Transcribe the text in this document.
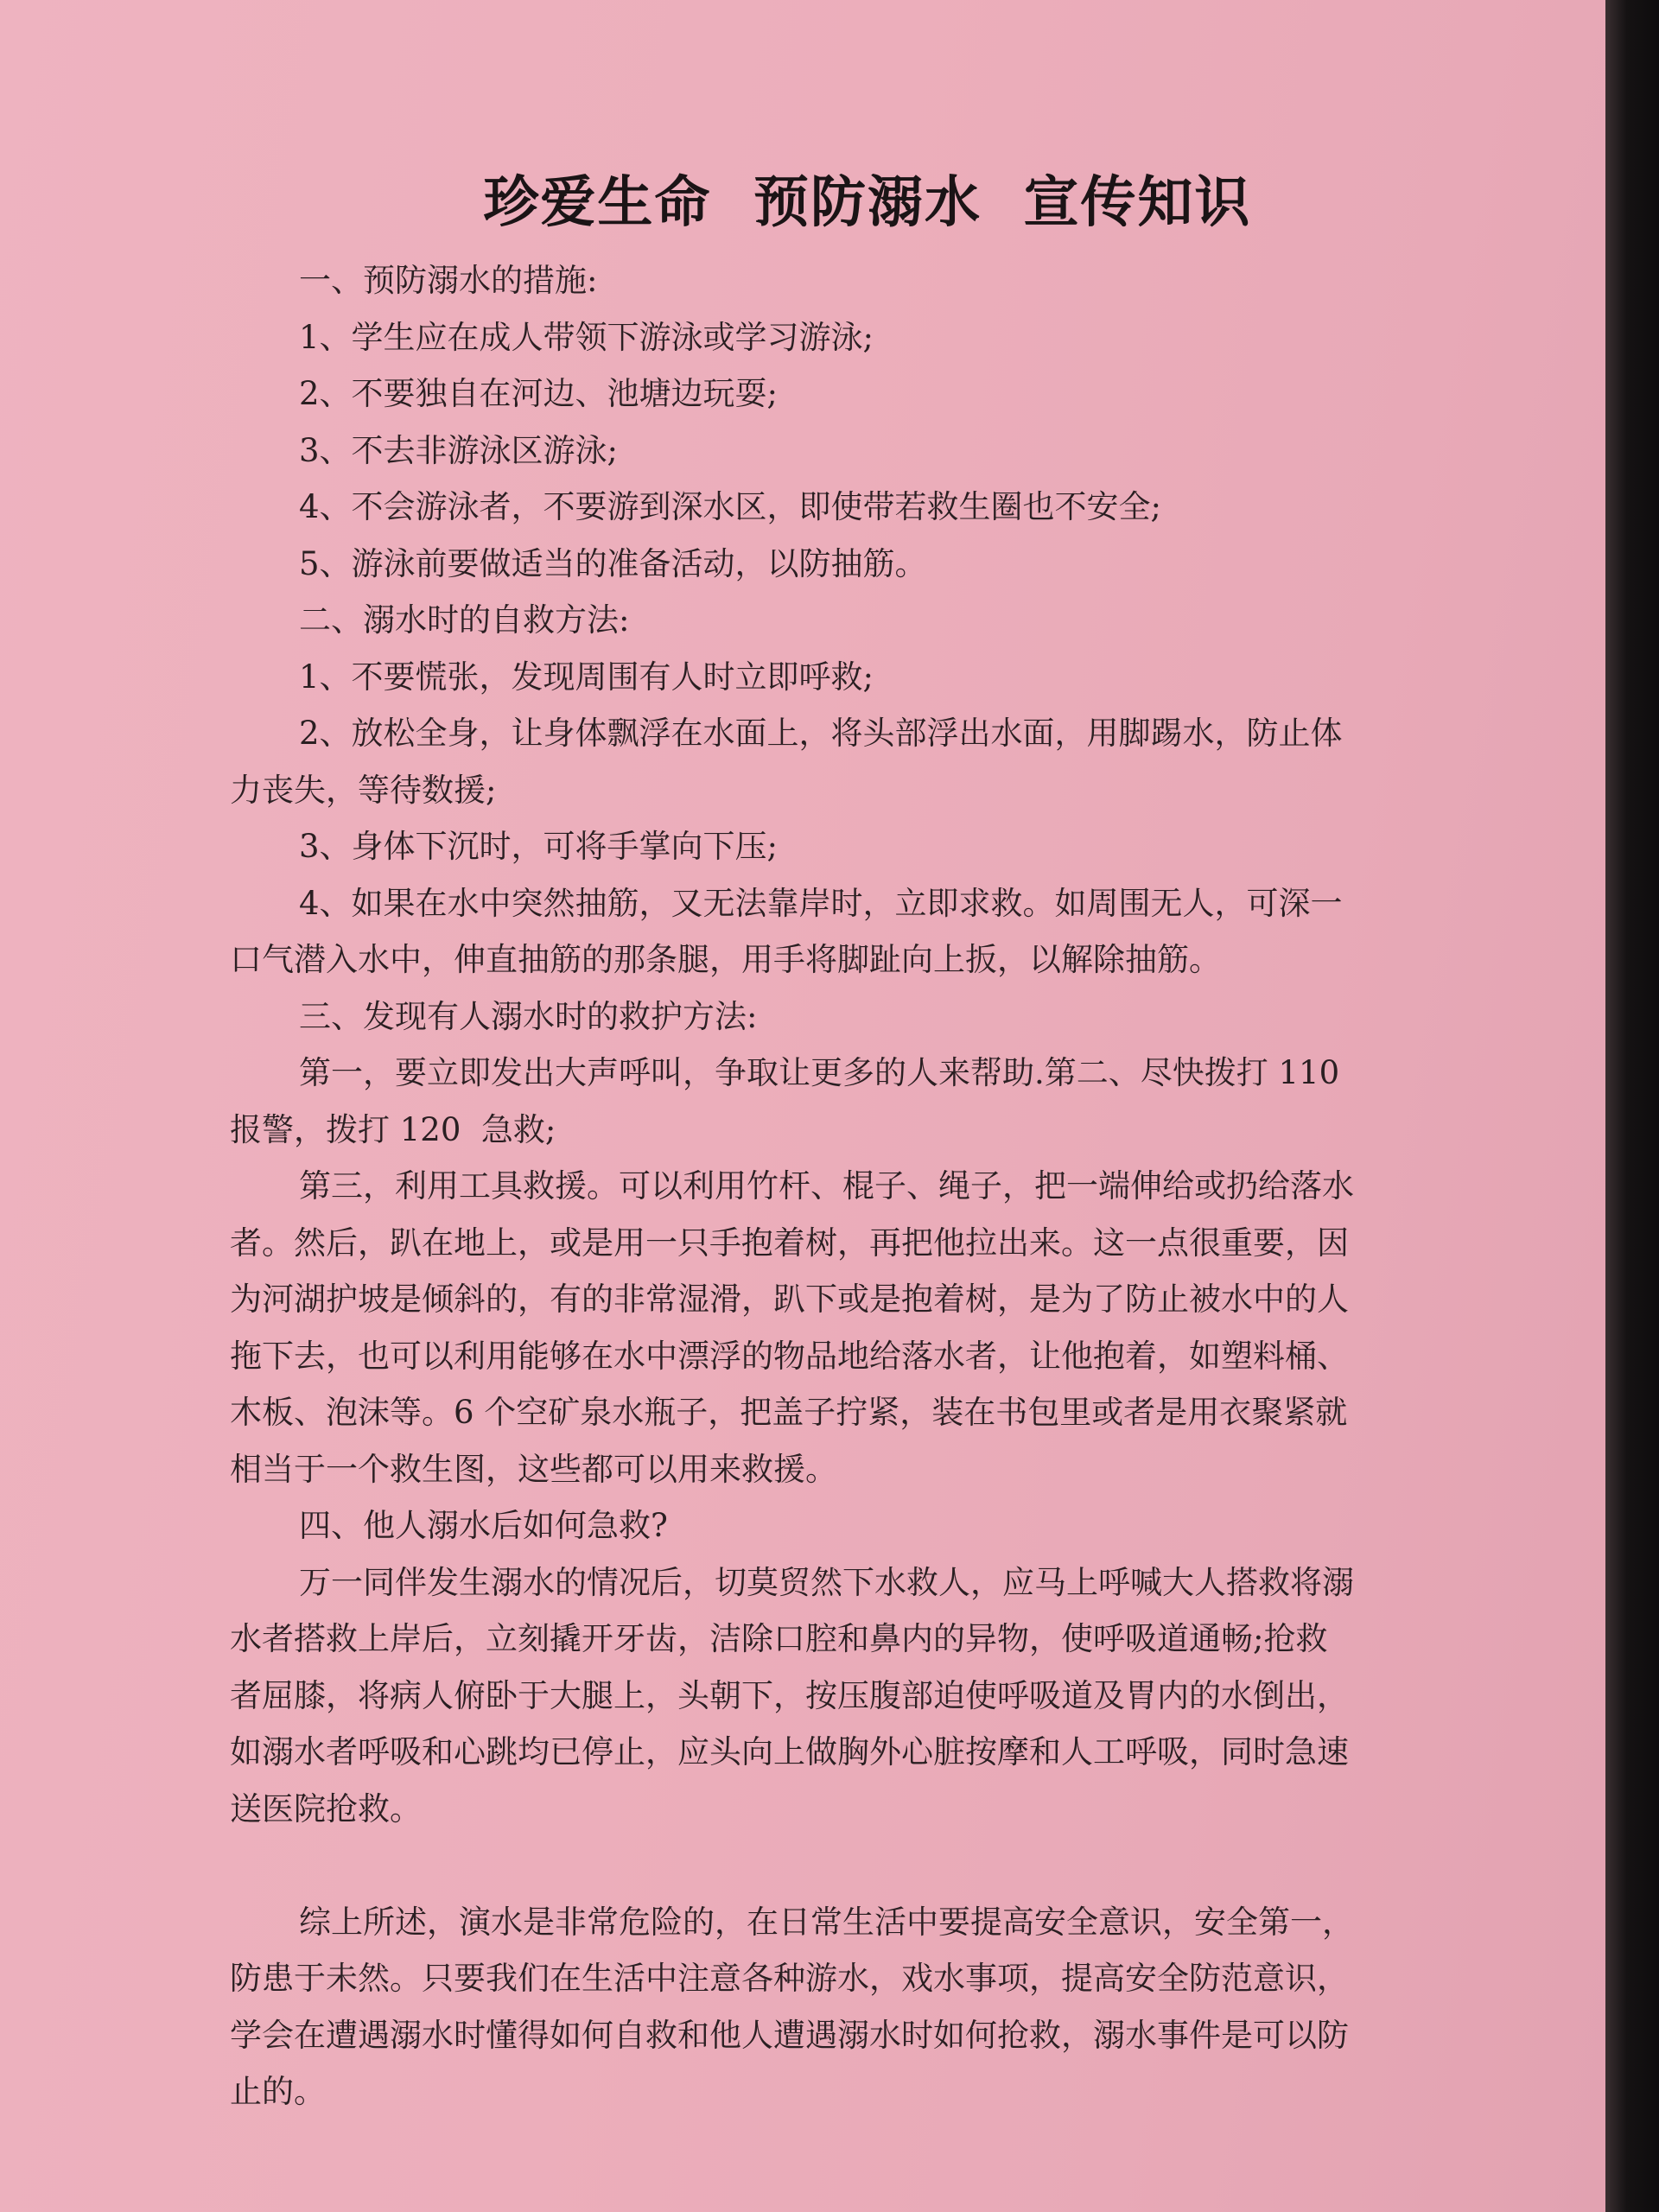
珍爱生命  预防溺水  宣传知识
一、预防溺水的措施:
1、学生应在成人带领下游泳或学习游泳;
2、不要独自在河边、池塘边玩耍;
3、不去非游泳区游泳;
4、不会游泳者，不要游到深水区，即使带若救生圈也不安全;
5、游泳前要做适当的准备活动，以防抽筋。
二、溺水时的自救方法:
1、不要慌张，发现周围有人时立即呼救;
2、放松全身，让身体飘浮在水面上，将头部浮出水面，用脚踢水，防止体
力丧失，等待数援;
3、身体下沉时，可将手掌向下压;
4、如果在水中突然抽筋，又无法靠岸时，立即求救。如周围无人，可深一
口气潜入水中，伸直抽筋的那条腿，用手将脚趾向上扳，以解除抽筋。
三、发现有人溺水时的救护方法:
第一，要立即发出大声呼叫，争取让更多的人来帮助.第二、尽快拨打 110
报警，拨打 120  急救;
第三，利用工具救援。可以利用竹杆、棍子、绳子，把一端伸给或扔给落水
者。然后，趴在地上，或是用一只手抱着树，再把他拉出来。这一点很重要，因
为河湖护坡是倾斜的，有的非常湿滑，趴下或是抱着树，是为了防止被水中的人
拖下去，也可以利用能够在水中漂浮的物品地给落水者，让他抱着，如塑料桶、
木板、泡沫等。6 个空矿泉水瓶子，把盖子拧紧，装在书包里或者是用衣聚紧就
相当于一个救生图，这些都可以用来救援。
四、他人溺水后如何急救?
万一同伴发生溺水的情况后，切莫贸然下水救人，应马上呼喊大人搭救将溺
水者搭救上岸后，立刻撬开牙齿，洁除口腔和鼻内的异物，使呼吸道通畅;抢救
者屈膝，将病人俯卧于大腿上，头朝下，按压腹部迫使呼吸道及胃内的水倒出，
如溺水者呼吸和心跳均已停止，应头向上做胸外心脏按摩和人工呼吸，同时急速
送医院抢救。
综上所述，演水是非常危险的，在日常生活中要提高安全意识，安全第一，
防患于未然。只要我们在生活中注意各种游水，戏水事项，提高安全防范意识，
学会在遭遇溺水时懂得如何自救和他人遭遇溺水时如何抢救，溺水事件是可以防
止的。
